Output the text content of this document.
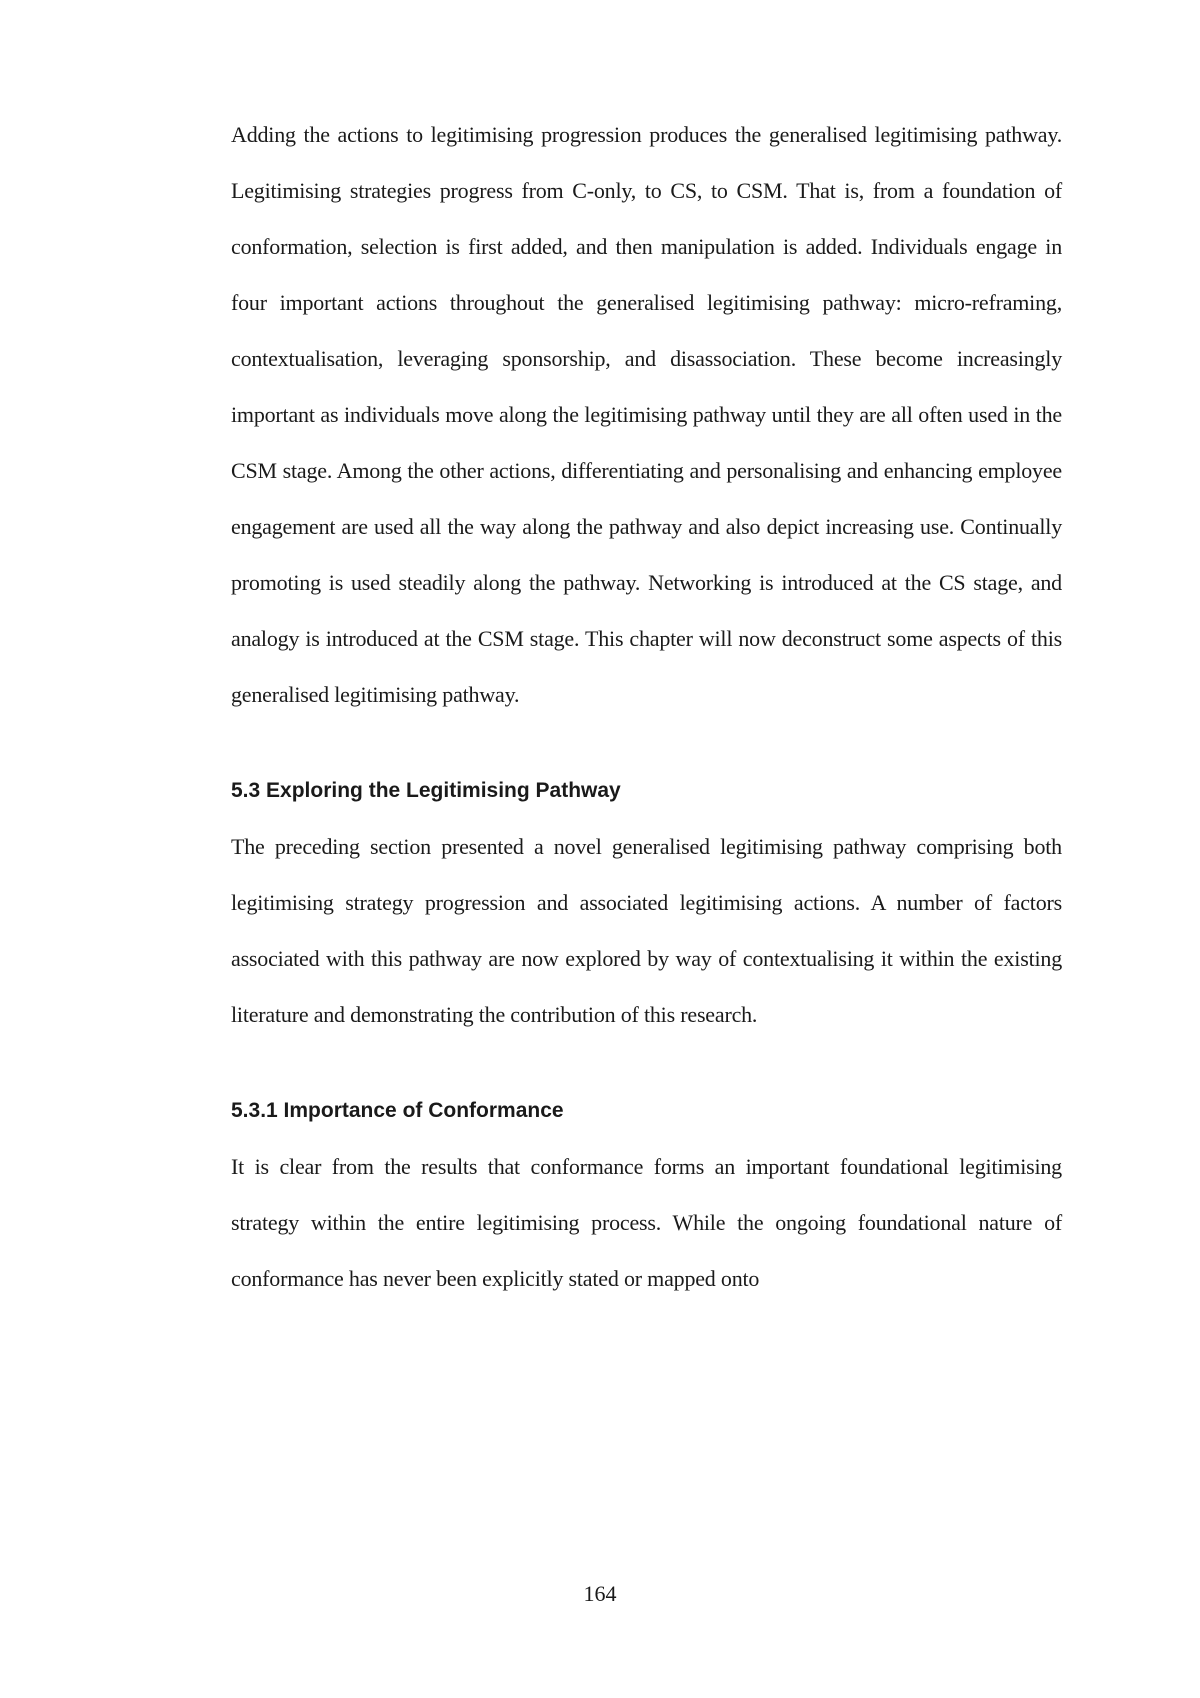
Adding the actions to legitimising progression produces the generalised legitimising pathway. Legitimising strategies progress from C-only, to CS, to CSM. That is, from a foundation of conformation, selection is first added, and then manipulation is added. Individuals engage in four important actions throughout the generalised legitimising pathway: micro-reframing, contextualisation, leveraging sponsorship, and disassociation. These become increasingly important as individuals move along the legitimising pathway until they are all often used in the CSM stage. Among the other actions, differentiating and personalising and enhancing employee engagement are used all the way along the pathway and also depict increasing use. Continually promoting is used steadily along the pathway. Networking is introduced at the CS stage, and analogy is introduced at the CSM stage. This chapter will now deconstruct some aspects of this generalised legitimising pathway.

5.3 Exploring the Legitimising Pathway

The preceding section presented a novel generalised legitimising pathway comprising both legitimising strategy progression and associated legitimising actions. A number of factors associated with this pathway are now explored by way of contextualising it within the existing literature and demonstrating the contribution of this research.

5.3.1 Importance of Conformance

It is clear from the results that conformance forms an important foundational legitimising strategy within the entire legitimising process. While the ongoing foundational nature of conformance has never been explicitly stated or mapped onto

164
